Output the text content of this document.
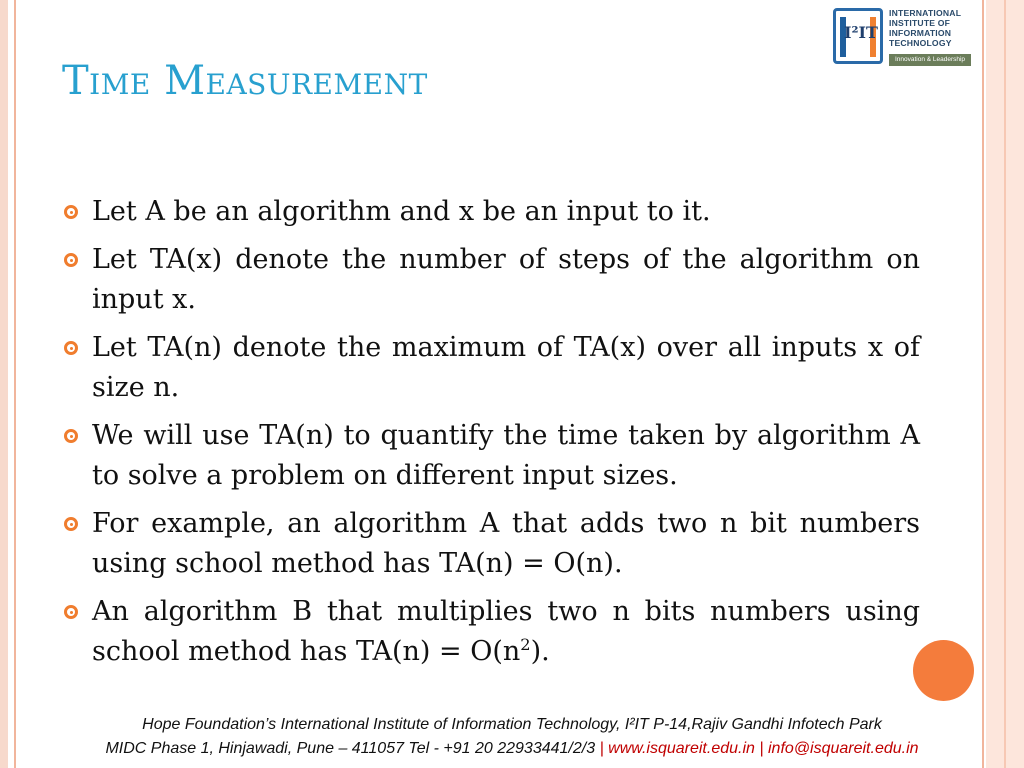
Time Measurement
I²IT
INTERNATIONAL
INSTITUTE OF
INFORMATION
TECHNOLOGY
Innovation & Leadership
Let A be an algorithm and x be an input to it.
Let TA(x) denote the number of steps of the algorithm on input x.
Let TA(n) denote the maximum of TA(x) over all inputs x of size n.
We will use TA(n) to quantify the time taken by algorithm A to solve a problem on different input sizes.
For example, an algorithm A that adds two n bit numbers using school method has TA(n) = O(n).
An algorithm B that multiplies two n bits numbers using school method has $TA(n) = O(n^2)$.
Hope Foundation’s International Institute of Information Technology, I²IT P-14,Rajiv Gandhi Infotech Park
MIDC Phase 1, Hinjawadi, Pune – 411057 Tel - +91 20 22933441/2/3 | www.isquareit.edu.in | info@isquareit.edu.in
